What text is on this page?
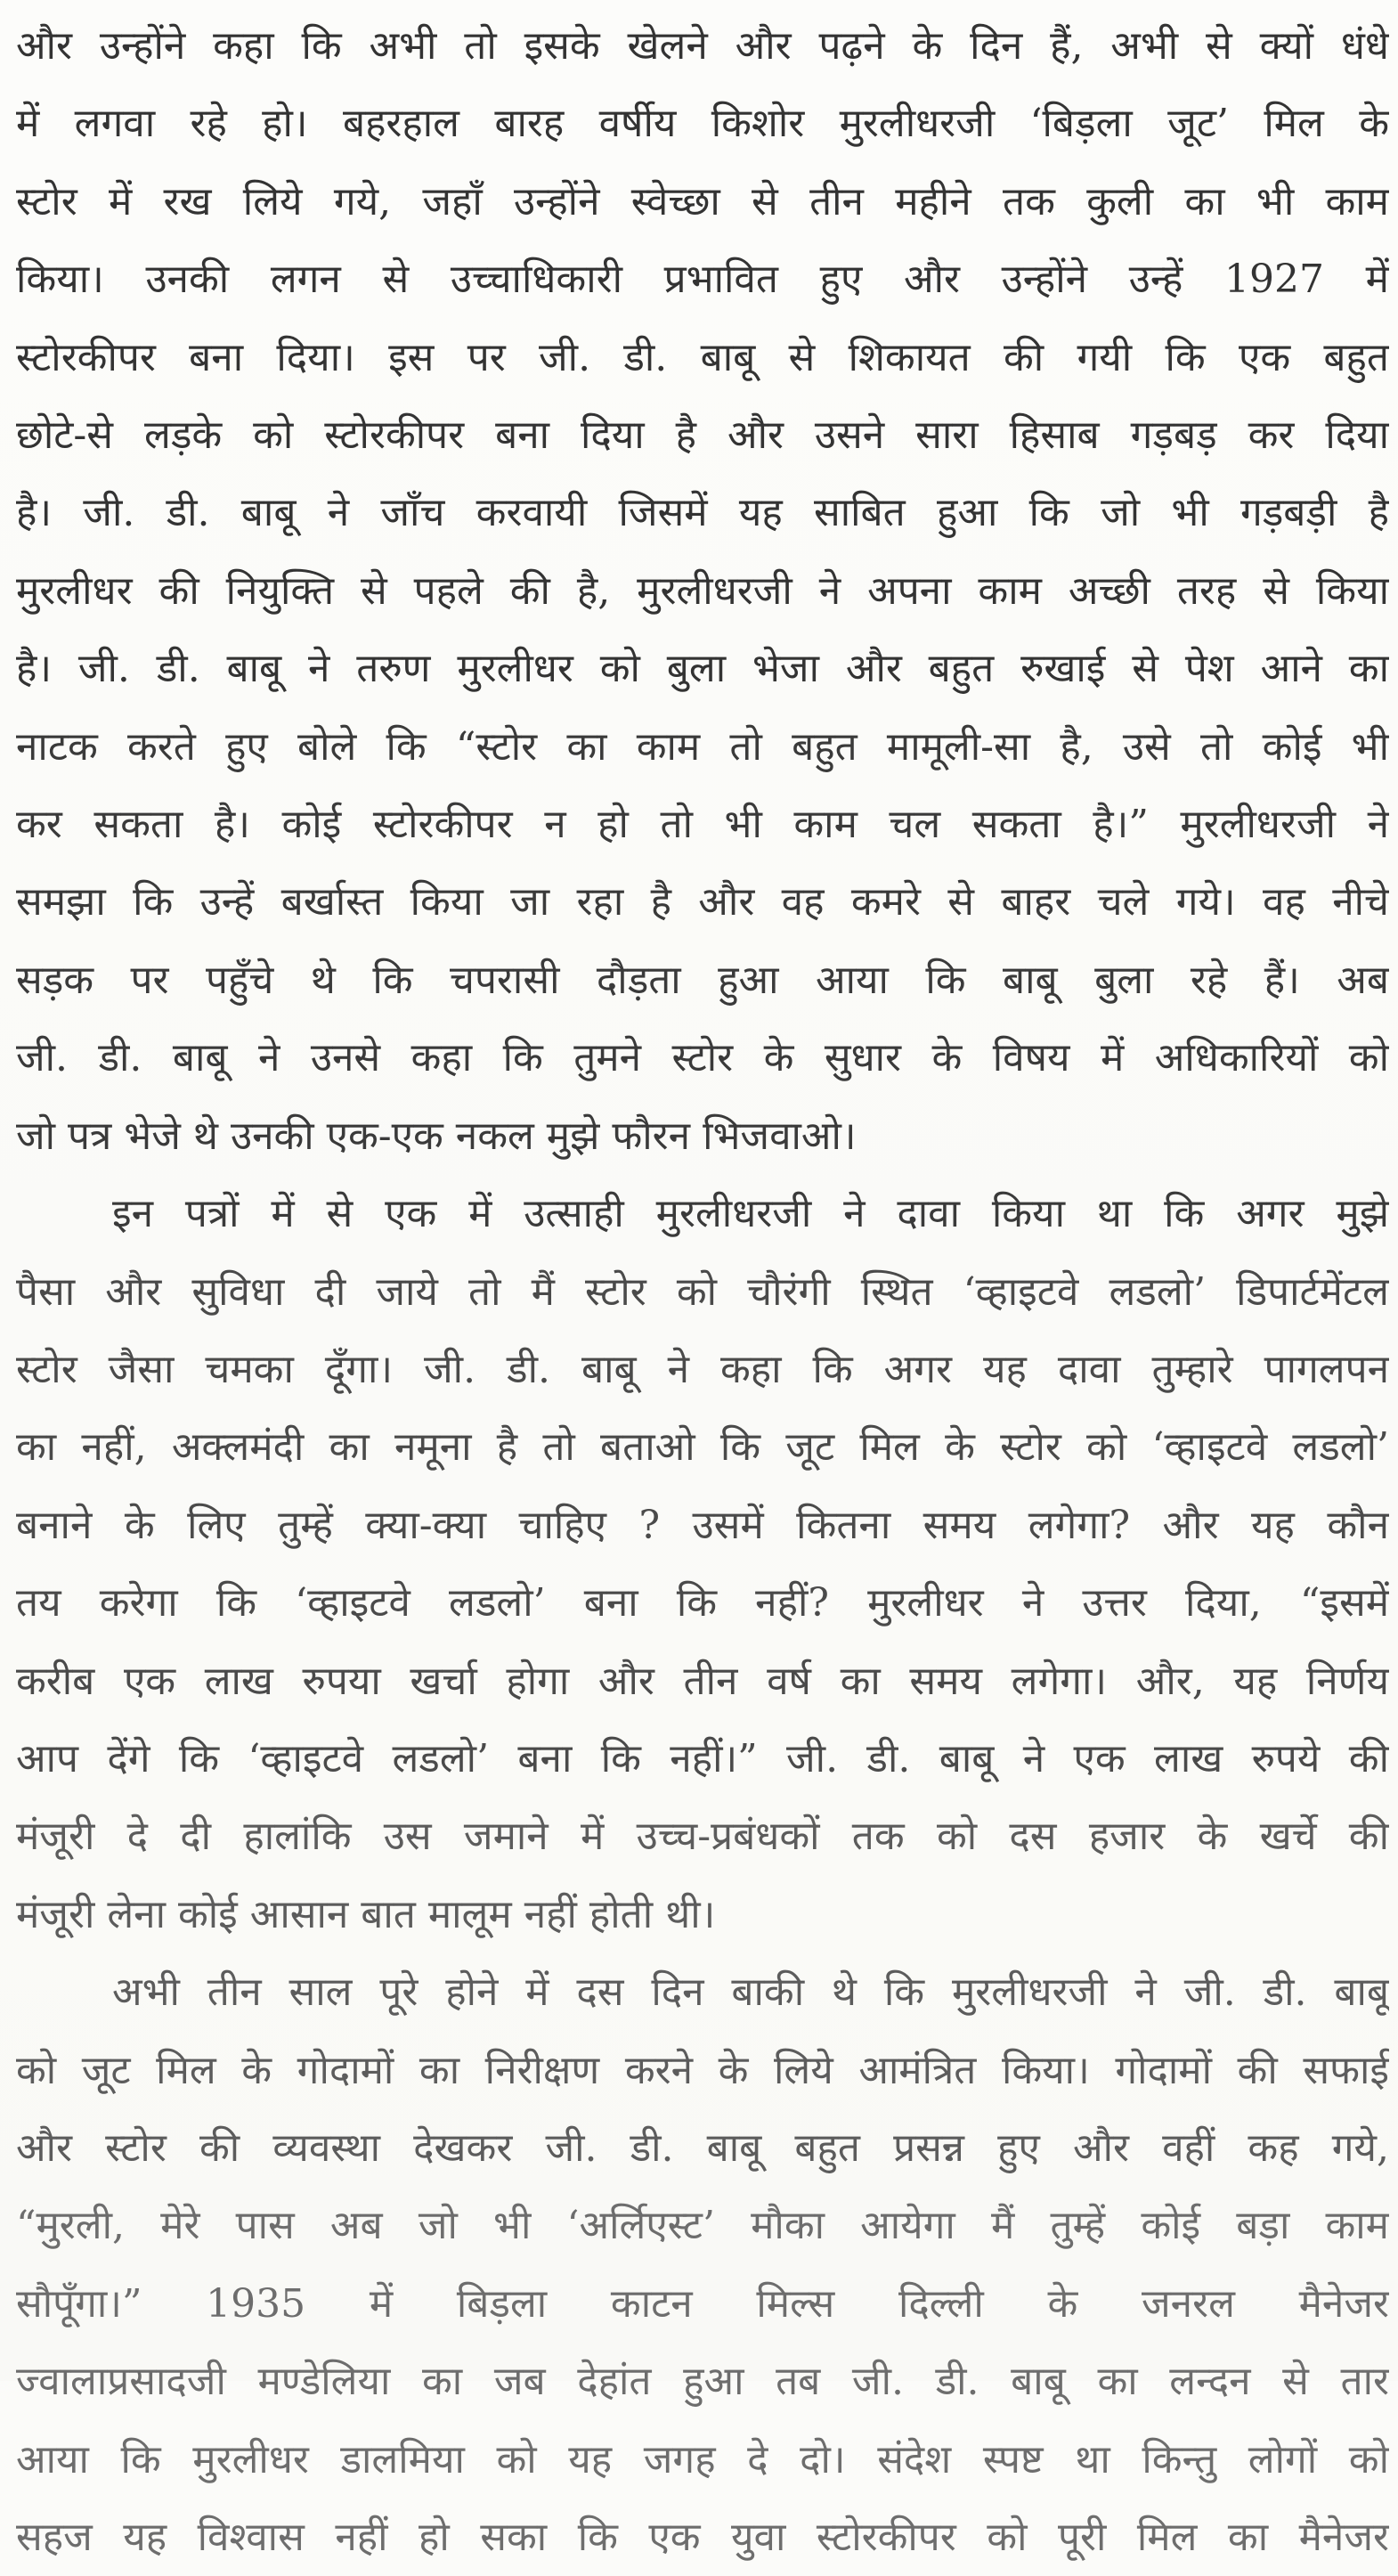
और उन्होंने कहा कि अभी तो इसके खेलने और पढ़ने के दिन हैं, अभी से क्यों धंधे
में लगवा रहे हो। बहरहाल बारह वर्षीय किशोर मुरलीधरजी ‘बिड़ला जूट’ मिल के
स्टोर में रख लिये गये, जहाँ उन्होंने स्वेच्छा से तीन महीने तक कुली का भी काम
किया। उनकी लगन से उच्चाधिकारी प्रभावित हुए और उन्होंने उन्हें 1927 में
स्टोरकीपर बना दिया। इस पर जी. डी. बाबू से शिकायत की गयी कि एक बहुत
छोटे-से लड़के को स्टोरकीपर बना दिया है और उसने सारा हिसाब गड़बड़ कर दिया
है। जी. डी. बाबू ने जाँच करवायी जिसमें यह साबित हुआ कि जो भी गड़बड़ी है
मुरलीधर की नियुक्ति से पहले की है, मुरलीधरजी ने अपना काम अच्छी तरह से किया
है। जी. डी. बाबू ने तरुण मुरलीधर को बुला भेजा और बहुत रुखाई से पेश आने का
नाटक करते हुए बोले कि “स्टोर का काम तो बहुत मामूली-सा है, उसे तो कोई भी
कर सकता है। कोई स्टोरकीपर न हो तो भी काम चल सकता है।” मुरलीधरजी ने
समझा कि उन्हें बर्खास्त किया जा रहा है और वह कमरे से बाहर चले गये। वह नीचे
सड़क पर पहुँचे थे कि चपरासी दौड़ता हुआ आया कि बाबू बुला रहे हैं। अब
जी. डी. बाबू ने उनसे कहा कि तुमने स्टोर के सुधार के विषय में अधिकारियों को
जो पत्र भेजे थे उनकी एक-एक नकल मुझे फौरन भिजवाओ।
इन पत्रों में से एक में उत्साही मुरलीधरजी ने दावा किया था कि अगर मुझे
पैसा और सुविधा दी जाये तो मैं स्टोर को चौरंगी स्थित ‘व्हाइटवे लडलो’ डिपार्टमेंटल
स्टोर जैसा चमका दूँगा। जी. डी. बाबू ने कहा कि अगर यह दावा तुम्हारे पागलपन
का नहीं, अक्लमंदी का नमूना है तो बताओ कि जूट मिल के स्टोर को ‘व्हाइटवे लडलो’
बनाने के लिए तुम्हें क्या-क्या चाहिए ? उसमें कितना समय लगेगा? और यह कौन
तय करेगा कि ‘व्हाइटवे लडलो’ बना कि नहीं? मुरलीधर ने उत्तर दिया, “इसमें
करीब एक लाख रुपया खर्चा होगा और तीन वर्ष का समय लगेगा। और, यह निर्णय
आप देंगे कि ‘व्हाइटवे लडलो’ बना कि नहीं।” जी. डी. बाबू ने एक लाख रुपये की
मंजूरी दे दी हालांकि उस जमाने में उच्च-प्रबंधकों तक को दस हजार के खर्चे की
मंजूरी लेना कोई आसान बात मालूम नहीं होती थी।
अभी तीन साल पूरे होने में दस दिन बाकी थे कि मुरलीधरजी ने जी. डी. बाबू
को जूट मिल के गोदामों का निरीक्षण करने के लिये आमंत्रित किया। गोदामों की सफाई
और स्टोर की व्यवस्था देखकर जी. डी. बाबू बहुत प्रसन्न हुए और वहीं कह गये,
“मुरली, मेरे पास अब जो भी ‘अर्लिएस्ट’ मौका आयेगा मैं तुम्हें कोई बड़ा काम
सौपूँगा।” 1935 में बिड़ला काटन मिल्स दिल्ली के जनरल मैनेजर
ज्वालाप्रसादजी मण्डेलिया का जब देहांत हुआ तब जी. डी. बाबू का लन्दन से तार
आया कि मुरलीधर डालमिया को यह जगह दे दो। संदेश स्पष्ट था किन्तु लोगों को
सहज यह विश्वास नहीं हो सका कि एक युवा स्टोरकीपर को पूरी मिल का मैनेजर
